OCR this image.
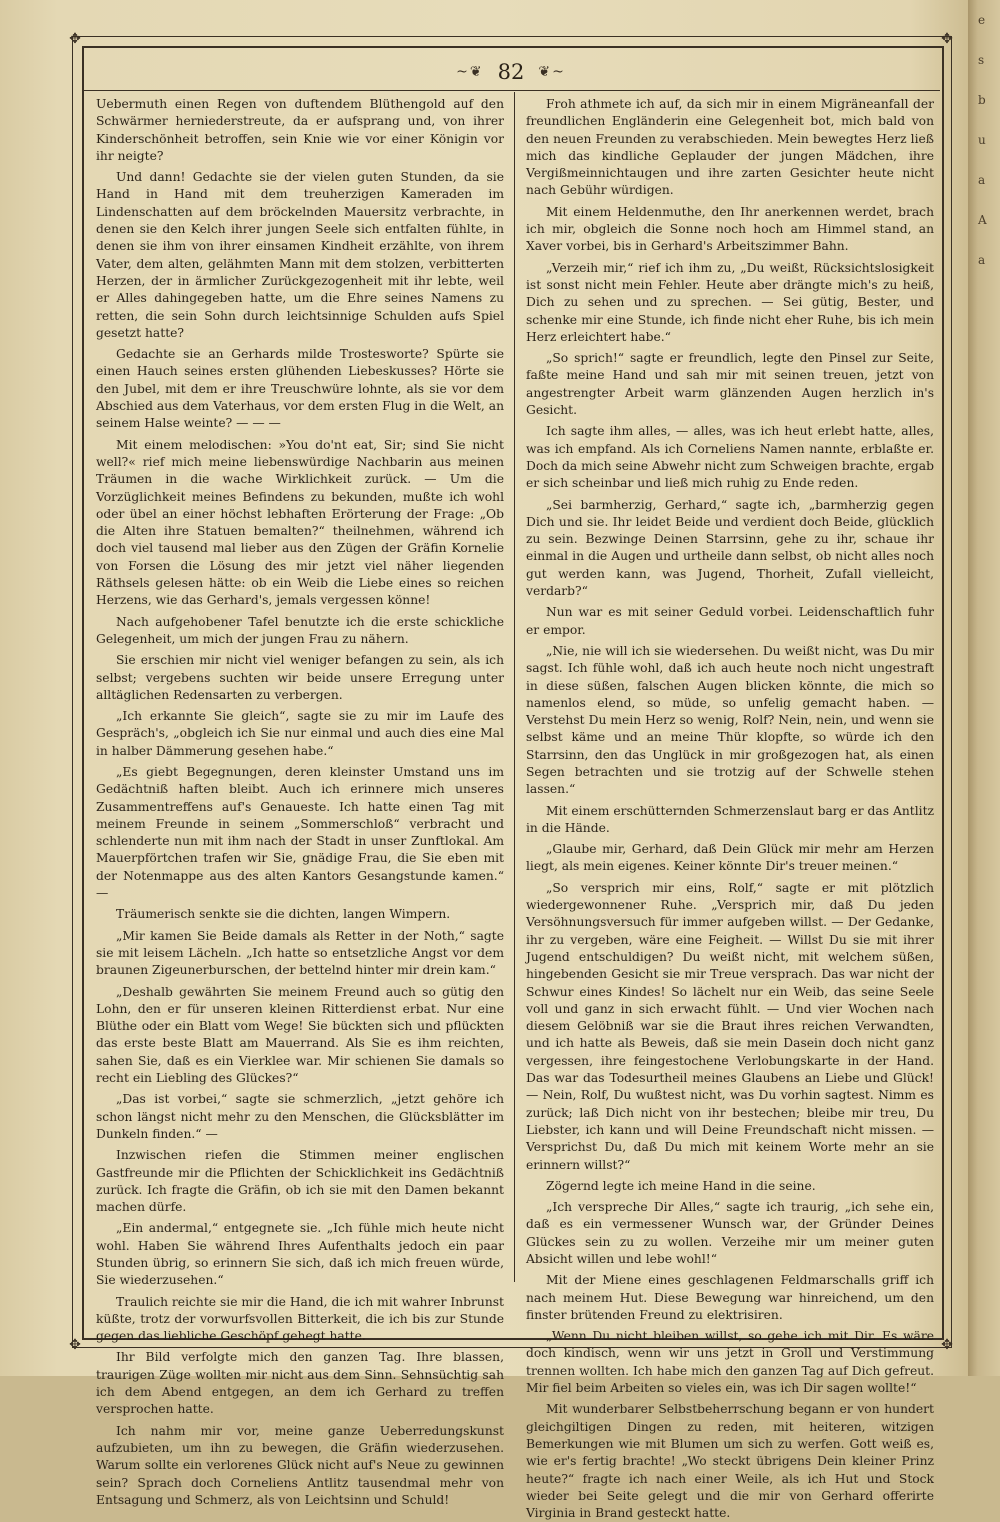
e
s
b
u
a
A
a
✥	✥
✥	✥
~❦ 82 ❦~

Uebermuth einen Regen von duftendem Blüthengold auf den Schwärmer herniederstreute, da er aufsprang und, von ihrer Kinderschönheit betroffen, sein Knie wie vor einer Königin vor ihr neigte?

Und dann! Gedachte sie der vielen guten Stunden, da sie Hand in Hand mit dem treuherzigen Kameraden im Lindenschatten auf dem bröckelnden Mauersitz verbrachte, in denen sie den Kelch ihrer jungen Seele sich entfalten fühlte, in denen sie ihm von ihrer einsamen Kindheit erzählte, von ihrem Vater, dem alten, gelähmten Mann mit dem stolzen, verbitterten Herzen, der in ärmlicher Zurückgezogenheit mit ihr lebte, weil er Alles dahingegeben hatte, um die Ehre seines Namens zu retten, die sein Sohn durch leichtsinnige Schulden aufs Spiel gesetzt hatte?

Gedachte sie an Gerhards milde Trostesworte? Spürte sie einen Hauch seines ersten glühenden Liebeskusses? Hörte sie den Jubel, mit dem er ihre Treuschwüre lohnte, als sie vor dem Abschied aus dem Vaterhaus, vor dem ersten Flug in die Welt, an seinem Halse weinte? — — —

Mit einem melodischen: »You do'nt eat, Sir; sind Sie nicht well?« rief mich meine liebenswürdige Nachbarin aus meinen Träumen in die wache Wirklichkeit zurück. — Um die Vorzüglichkeit meines Befindens zu bekunden, mußte ich wohl oder übel an einer höchst lebhaften Erörterung der Frage: „Ob die Alten ihre Statuen bemalten?“ theilnehmen, während ich doch viel tausend mal lieber aus den Zügen der Gräfin Kornelie von Forsen die Lösung des mir jetzt viel näher liegenden Räthsels gelesen hätte: ob ein Weib die Liebe eines so reichen Herzens, wie das Gerhard's, jemals vergessen könne!

Nach aufgehobener Tafel benutzte ich die erste schickliche Gelegenheit, um mich der jungen Frau zu nähern.

Sie erschien mir nicht viel weniger befangen zu sein, als ich selbst; vergebens suchten wir beide unsere Erregung unter alltäglichen Redensarten zu verbergen.

„Ich erkannte Sie gleich“, sagte sie zu mir im Laufe des Gespräch's, „obgleich ich Sie nur einmal und auch dies eine Mal in halber Dämmerung gesehen habe.“

„Es giebt Begegnungen, deren kleinster Umstand uns im Gedächtniß haften bleibt. Auch ich erinnere mich unseres Zusammentreffens auf's Genaueste. Ich hatte einen Tag mit meinem Freunde in seinem „Sommerschloß“ verbracht und schlenderte nun mit ihm nach der Stadt in unser Zunftlokal. Am Mauerpförtchen trafen wir Sie, gnädige Frau, die Sie eben mit der Notenmappe aus des alten Kantors Gesangstunde kamen.“ —

Träumerisch senkte sie die dichten, langen Wimpern.

„Mir kamen Sie Beide damals als Retter in der Noth,“ sagte sie mit leisem Lächeln. „Ich hatte so entsetzliche Angst vor dem braunen Zigeunerburschen, der bettelnd hinter mir drein kam.“

„Deshalb gewährten Sie meinem Freund auch so gütig den Lohn, den er für unseren kleinen Ritterdienst erbat. Nur eine Blüthe oder ein Blatt vom Wege! Sie bückten sich und pflückten das erste beste Blatt am Mauerrand. Als Sie es ihm reichten, sahen Sie, daß es ein Vierklee war. Mir schienen Sie damals so recht ein Liebling des Glückes?“

„Das ist vorbei,“ sagte sie schmerzlich, „jetzt gehöre ich schon längst nicht mehr zu den Menschen, die Glücksblätter im Dunkeln finden.“ —

Inzwischen riefen die Stimmen meiner englischen Gastfreunde mir die Pflichten der Schicklichkeit ins Gedächtniß zurück. Ich fragte die Gräfin, ob ich sie mit den Damen bekannt machen dürfe.

„Ein andermal,“ entgegnete sie. „Ich fühle mich heute nicht wohl. Haben Sie während Ihres Aufenthalts jedoch ein paar Stunden übrig, so erinnern Sie sich, daß ich mich freuen würde, Sie wiederzusehen.“

Traulich reichte sie mir die Hand, die ich mit wahrer Inbrunst küßte, trotz der vorwurfsvollen Bitterkeit, die ich bis zur Stunde gegen das liebliche Geschöpf gehegt hatte.

Ihr Bild verfolgte mich den ganzen Tag. Ihre blassen, traurigen Züge wollten mir nicht aus dem Sinn. Sehnsüchtig sah ich dem Abend entgegen, an dem ich Gerhard zu treffen versprochen hatte.

Ich nahm mir vor, meine ganze Ueberredungskunst aufzubieten, um ihn zu bewegen, die Gräfin wiederzusehen. Warum sollte ein verlorenes Glück nicht auf's Neue zu gewinnen sein? Sprach doch Corneliens Antlitz tausendmal mehr von Entsagung und Schmerz, als von Leichtsinn und Schuld!

Froh athmete ich auf, da sich mir in einem Migräneanfall der freundlichen Engländerin eine Gelegenheit bot, mich bald von den neuen Freunden zu verabschieden. Mein bewegtes Herz ließ mich das kindliche Geplauder der jungen Mädchen, ihre Vergißmeinnichtaugen und ihre zarten Gesichter heute nicht nach Gebühr würdigen.

Mit einem Heldenmuthe, den Ihr anerkennen werdet, brach ich mir, obgleich die Sonne noch hoch am Himmel stand, an Xaver vorbei, bis in Gerhard's Arbeitszimmer Bahn.

„Verzeih mir,“ rief ich ihm zu, „Du weißt, Rücksichtslosigkeit ist sonst nicht mein Fehler. Heute aber drängte mich's zu heiß, Dich zu sehen und zu sprechen. — Sei gütig, Bester, und schenke mir eine Stunde, ich finde nicht eher Ruhe, bis ich mein Herz erleichtert habe.“

„So sprich!“ sagte er freundlich, legte den Pinsel zur Seite, faßte meine Hand und sah mir mit seinen treuen, jetzt von angestrengter Arbeit warm glänzenden Augen herzlich in's Gesicht.

Ich sagte ihm alles, — alles, was ich heut erlebt hatte, alles, was ich empfand. Als ich Corneliens Namen nannte, erblaßte er. Doch da mich seine Abwehr nicht zum Schweigen brachte, ergab er sich scheinbar und ließ mich ruhig zu Ende reden.

„Sei barmherzig, Gerhard,“ sagte ich, „barmherzig gegen Dich und sie. Ihr leidet Beide und verdient doch Beide, glücklich zu sein. Bezwinge Deinen Starrsinn, gehe zu ihr, schaue ihr einmal in die Augen und urtheile dann selbst, ob nicht alles noch gut werden kann, was Jugend, Thorheit, Zufall vielleicht, verdarb?“

Nun war es mit seiner Geduld vorbei. Leidenschaftlich fuhr er empor.

„Nie, nie will ich sie wiedersehen. Du weißt nicht, was Du mir sagst. Ich fühle wohl, daß ich auch heute noch nicht ungestraft in diese süßen, falschen Augen blicken könnte, die mich so namenlos elend, so müde, so unfelig gemacht haben. — Verstehst Du mein Herz so wenig, Rolf? Nein, nein, und wenn sie selbst käme und an meine Thür klopfte, so würde ich den Starrsinn, den das Unglück in mir großgezogen hat, als einen Segen betrachten und sie trotzig auf der Schwelle stehen lassen.“

Mit einem erschütternden Schmerzenslaut barg er das Antlitz in die Hände.

„Glaube mir, Gerhard, daß Dein Glück mir mehr am Herzen liegt, als mein eigenes. Keiner könnte Dir's treuer meinen.“

„So versprich mir eins, Rolf,“ sagte er mit plötzlich wiedergewonnener Ruhe. „Versprich mir, daß Du jeden Versöhnungsversuch für immer aufgeben willst. — Der Gedanke, ihr zu vergeben, wäre eine Feigheit. — Willst Du sie mit ihrer Jugend entschuldigen? Du weißt nicht, mit welchem süßen, hingebenden Gesicht sie mir Treue versprach. Das war nicht der Schwur eines Kindes! So lächelt nur ein Weib, das seine Seele voll und ganz in sich erwacht fühlt. — Und vier Wochen nach diesem Gelöbniß war sie die Braut ihres reichen Verwandten, und ich hatte als Beweis, daß sie mein Dasein doch nicht ganz vergessen, ihre feingestochene Verlobungskarte in der Hand. Das war das Todesurtheil meines Glaubens an Liebe und Glück! — Nein, Rolf, Du wußtest nicht, was Du vorhin sagtest. Nimm es zurück; laß Dich nicht von ihr bestechen; bleibe mir treu, Du Liebster, ich kann und will Deine Freundschaft nicht missen. — Versprichst Du, daß Du mich mit keinem Worte mehr an sie erinnern willst?“

Zögernd legte ich meine Hand in die seine.

„Ich verspreche Dir Alles,“ sagte ich traurig, „ich sehe ein, daß es ein vermessener Wunsch war, der Gründer Deines Glückes sein zu zu wollen. Verzeihe mir um meiner guten Absicht willen und lebe wohl!“

Mit der Miene eines geschlagenen Feldmarschalls griff ich nach meinem Hut. Diese Bewegung war hinreichend, um den finster brütenden Freund zu elektrisiren.

„Wenn Du nicht bleiben willst, so gehe ich mit Dir. Es wäre doch kindisch, wenn wir uns jetzt in Groll und Verstimmung trennen wollten. Ich habe mich den ganzen Tag auf Dich gefreut. Mir fiel beim Arbeiten so vieles ein, was ich Dir sagen wollte!“

Mit wunderbarer Selbstbeherrschung begann er von hundert gleichgiltigen Dingen zu reden, mit heiteren, witzigen Bemerkungen wie mit Blumen um sich zu werfen. Gott weiß es, wie er's fertig brachte! „Wo steckt übrigens Dein kleiner Prinz heute?“ fragte ich nach einer Weile, als ich Hut und Stock wieder bei Seite gelegt und die mir von Gerhard offerirte Virginia in Brand gesteckt hatte.
